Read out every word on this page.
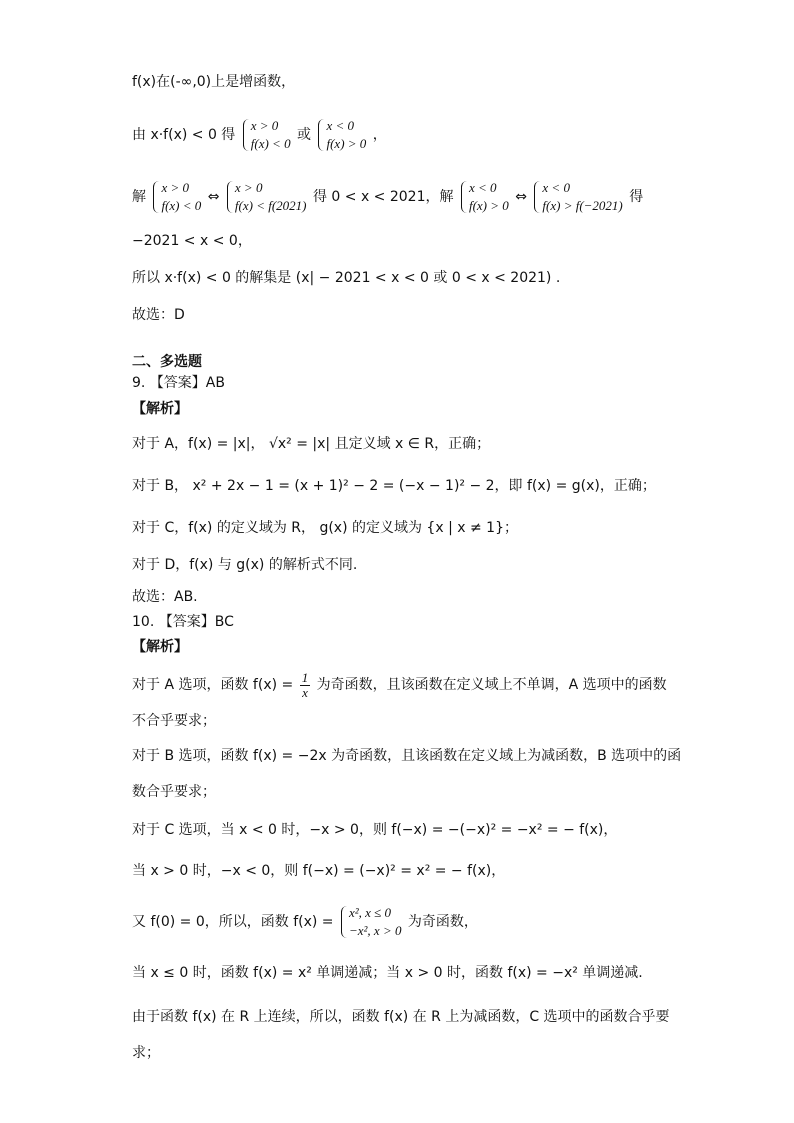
f(x)在(-∞,0)上是增函数，
由 x·f(x) < 0 得
x > 0
f(x) < 0
或
x < 0
f(x) > 0
，
解
x > 0
f(x) < 0
⇔
x > 0
f(x) < f(2021)
得 0 < x < 2021，解
x < 0
f(x) > 0
⇔
x < 0
f(x) > f(−2021)
得
−2021 < x < 0，
所以 x·f(x) < 0 的解集是 (x| − 2021 < x < 0 或 0 < x < 2021) .
故选：D
二、多选题
9. 【答案】AB
【解析】
对于 A，f(x) = |x|， √x² = |x| 且定义域 x ∈ R，正确；
对于 B， x² + 2x − 1 = (x + 1)² − 2 = (−x − 1)² − 2，即 f(x) = g(x)，正确；
对于 C，f(x) 的定义域为 R， g(x) 的定义域为 {x | x ≠ 1}；
对于 D，f(x) 与 g(x) 的解析式不同.
故选：AB.
10. 【答案】BC
【解析】
对于 A 选项，函数 $f(x) = \frac{1}{x}$ 为奇函数，且该函数在定义域上不单调，A 选项中的函数
不合乎要求；
对于 B 选项，函数 f(x) = −2x 为奇函数，且该函数在定义域上为减函数，B 选项中的函
数合乎要求；
对于 C 选项，当 x < 0 时，−x > 0，则 f(−x) = −(−x)² = −x² = − f(x)，
当 x > 0 时，−x < 0，则 f(−x) = (−x)² = x² = − f(x)，
又 f(0) = 0，所以，函数 f(x) =
x², x ≤ 0
−x², x > 0
为奇函数，
当 x ≤ 0 时，函数 f(x) = x² 单调递减；当 x > 0 时，函数 f(x) = −x² 单调递减.
由于函数 f(x) 在 R 上连续，所以，函数 f(x) 在 R 上为减函数，C 选项中的函数合乎要
求；
